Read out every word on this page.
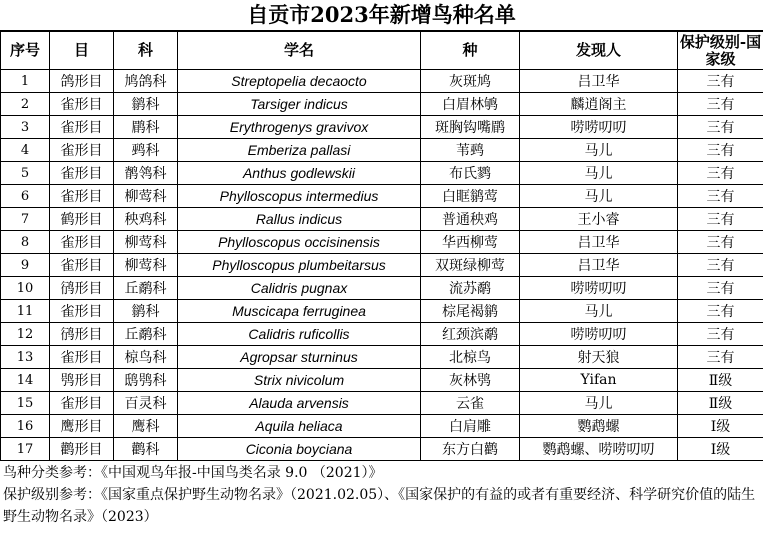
自贡市2023年新增鸟种名单
序号	目	科	学名	种	发现人	保护级别-国家级
1	鸽形目	鸠鸽科	Streptopelia decaocto	灰斑鸠	吕卫华	三有
2	雀形目	鹟科	Tarsiger indicus	白眉林鸲	麟逍阁主	三有
3	雀形目	鹛科	Erythrogenys gravivox	斑胸钩嘴鹛	唠唠叨叨	三有
4	雀形目	鹀科	Emberiza pallasi	苇鹀	马儿	三有
5	雀形目	鹡鸰科	Anthus godlewskii	布氏鹨	马儿	三有
6	雀形目	柳莺科	Phylloscopus intermedius	白眶鹟莺	马儿	三有
7	鹤形目	秧鸡科	Rallus indicus	普通秧鸡	王小睿	三有
8	雀形目	柳莺科	Phylloscopus occisinensis	华西柳莺	吕卫华	三有
9	雀形目	柳莺科	Phylloscopus plumbeitarsus	双斑绿柳莺	吕卫华	三有
10	鸻形目	丘鹬科	Calidris pugnax	流苏鹬	唠唠叨叨	三有
11	雀形目	鹟科	Muscicapa ferruginea	棕尾褐鹟	马儿	三有
12	鸻形目	丘鹬科	Calidris ruficollis	红颈滨鹬	唠唠叨叨	三有
13	雀形目	椋鸟科	Agropsar sturninus	北椋鸟	射天狼	三有
14	鸮形目	鸱鸮科	Strix nivicolum	灰林鸮	Yifan	Ⅱ级
15	雀形目	百灵科	Alauda arvensis	云雀	马儿	Ⅱ级
16	鹰形目	鹰科	Aquila heliaca	白肩雕	鹦鹉螺	I级
17	鹳形目	鹳科	Ciconia boyciana	东方白鹳	鹦鹉螺、唠唠叨叨	I级
鸟种分类参考：《中国观鸟年报-中国鸟类名录 9.0 （2021）》
保护级别参考：《国家重点保护野生动物名录》（2021.02.05）、《国家保护的有益的或者有重要经济、科学研究价值的陆生野生动物名录》（2023）
